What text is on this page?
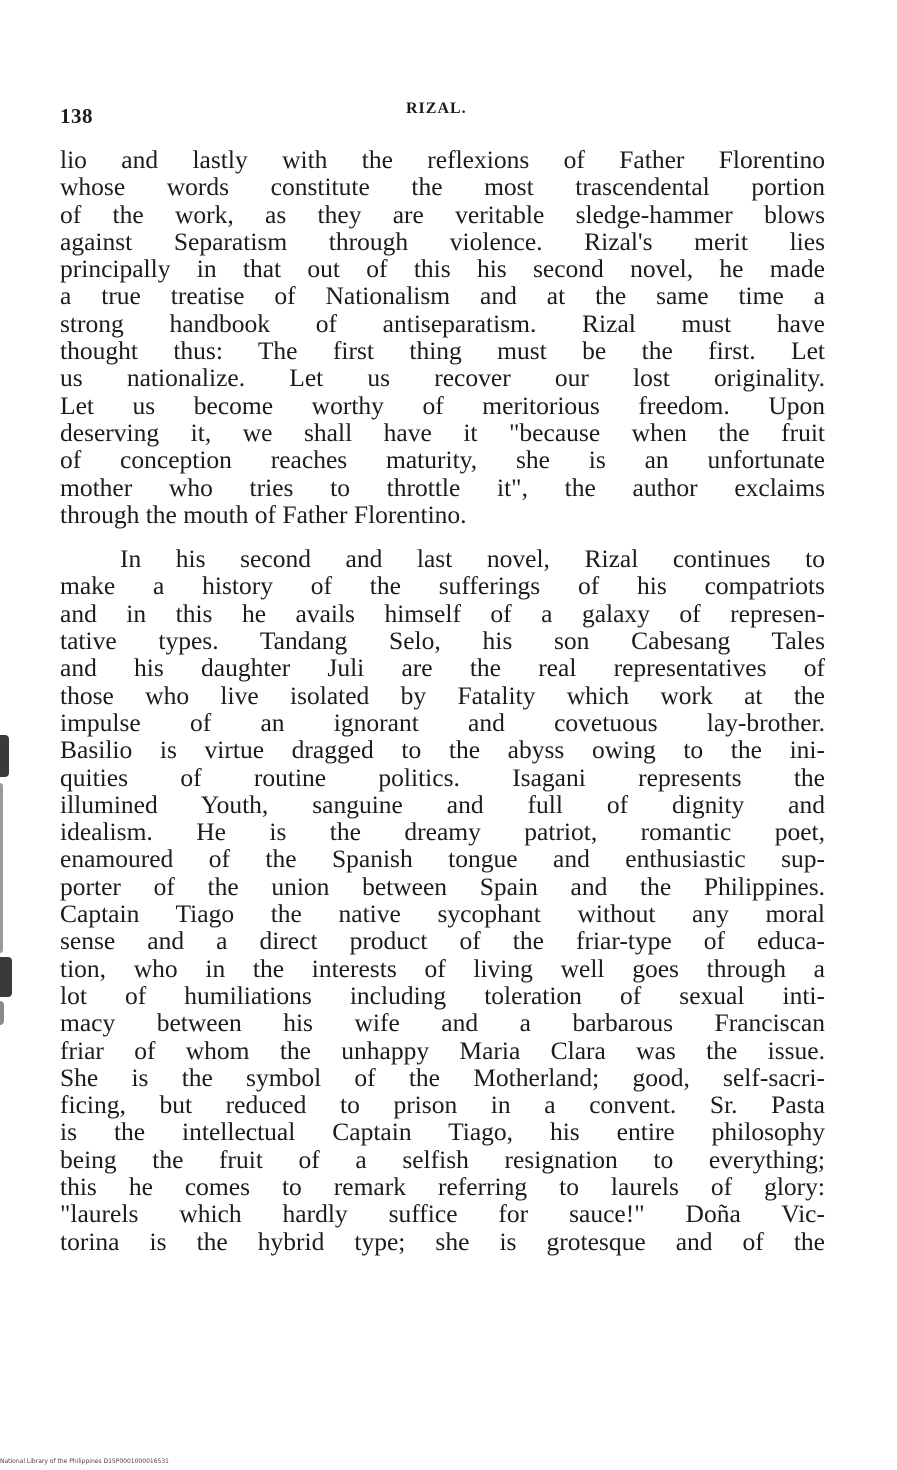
138	RIZAL.
lio and lastly with the reflexions of Father Florentino
whose words constitute the most trascendental portion
of the work, as they are veritable sledge-hammer blows
against Separatism through violence. Rizal's merit lies
principally in that out of this his second novel, he made
a true treatise of Nationalism and at the same time a
strong handbook of antiseparatism. Rizal must have
thought thus: The first thing must be the first. Let
us nationalize. Let us recover our lost originality.
Let us become worthy of meritorious freedom. Upon
deserving it, we shall have it "because when the fruit
of conception reaches maturity, she is an unfortunate
mother who tries to throttle it", the author exclaims
through the mouth of Father Florentino.
In his second and last novel, Rizal continues to
make a history of the sufferings of his compatriots
and in this he avails himself of a galaxy of represen-
tative types. Tandang Selo, his son Cabesang Tales
and his daughter Juli are the real representatives of
those who live isolated by Fatality which work at the
impulse of an ignorant and covetuous lay-brother.
Basilio is virtue dragged to the abyss owing to the ini-
quities of routine politics. Isagani represents the
illumined Youth, sanguine and full of dignity and
idealism. He is the dreamy patriot, romantic poet,
enamoured of the Spanish tongue and enthusiastic sup-
porter of the union between Spain and the Philippines.
Captain Tiago the native sycophant without any moral
sense and a direct product of the friar-type of educa-
tion, who in the interests of living well goes through a
lot of humiliations including toleration of sexual inti-
macy between his wife and a barbarous Franciscan
friar of whom the unhappy Maria Clara was the issue.
She is the symbol of the Motherland; good, self-sacri-
ficing, but reduced to prison in a convent. Sr. Pasta
is the intellectual Captain Tiago, his entire philosophy
being the fruit of a selfish resignation to everything;
this he comes to remark referring to laurels of glory:
"laurels which hardly suffice for sauce!" Doña Vic-
torina is the hybrid type; she is grotesque and of the
National Library of the Philippines D15P0001000016531
